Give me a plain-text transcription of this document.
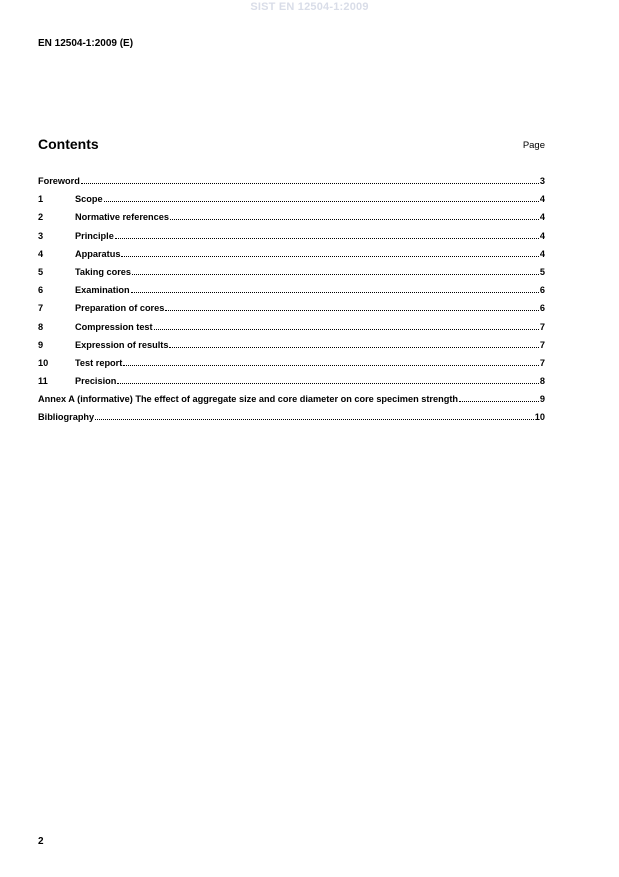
SIST EN 12504-1:2009
EN 12504-1:2009 (E)
Contents	Page
Foreword	3
1	Scope	4
2	Normative references	4
3	Principle	4
4	Apparatus	4
5	Taking cores	5
6	Examination	6
7	Preparation of cores	6
8	Compression test	7
9	Expression of results	7
10	Test report	7
11	Precision	8
Annex A (informative) The effect of aggregate size and core diameter on core specimen strength	9
Bibliography	10
2
